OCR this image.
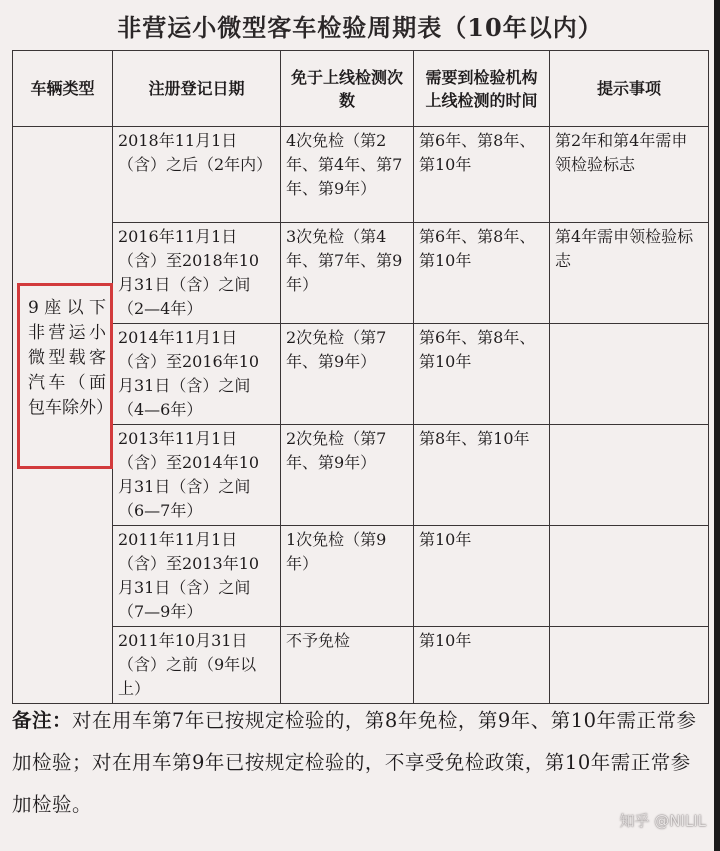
非营运小微型客车检验周期表（10年以内）
车辆类型	注册登记日期	免于上线检测次数	需要到检验机构上线检测的时间	提示事项

9座以下非营运小微型载客汽车（面包车除外）	2018年11月1日（含）之后（2年内）	4次免检（第2年、第4年、第7年、第9年）	第6年、第8年、第10年	第2年和第4年需申领检验标志
	2016年11月1日（含）至2018年10月31日（含）之间（2—4年）	3次免检（第4年、第7年、第9年）	第6年、第8年、第10年	第4年需申领检验标志
	2014年11月1日（含）至2016年10月31日（含）之间（4—6年）	2次免检（第7年、第9年）	第6年、第8年、第10年	
	2013年11月1日（含）至2014年10月31日（含）之间（6—7年）	2次免检（第7年、第9年）	第8年、第10年	
	2011年11月1日（含）至2013年10月31日（含）之间（7—9年）	1次免检（第9年）	第10年	
	2011年10月31日（含）之前（9年以上）	不予免检	第10年	
备注：对在用车第7年已按规定检验的，第8年免检，第9年、第10年需正常参加检验；对在用车第9年已按规定检验的，不享受免检政策，第10年需正常参加检验。
知乎 @NILIL
